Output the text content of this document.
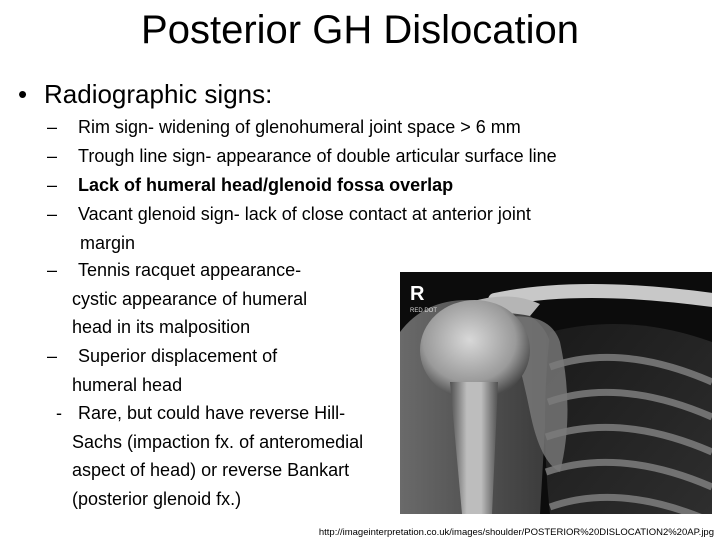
Posterior GH Dislocation
• Radiographic signs:
R
RED DOT
– Rim sign- widening of glenohumeral joint space > 6 mm
– Trough line sign- appearance of double articular surface line
– Lack of humeral head/glenoid fossa overlap
– Vacant glenoid sign- lack of close contact at anterior joint
margin
– Tennis racquet appearance-
cystic appearance of humeral
head in its malposition
– Superior displacement of
humeral head
- Rare, but could have reverse Hill-
Sachs (impaction fx. of anteromedial
aspect of head) or reverse Bankart
(posterior glenoid fx.)
http://imageinterpretation.co.uk/images/shoulder/POSTERIOR%20DISLOCATION2%20AP.jpg
